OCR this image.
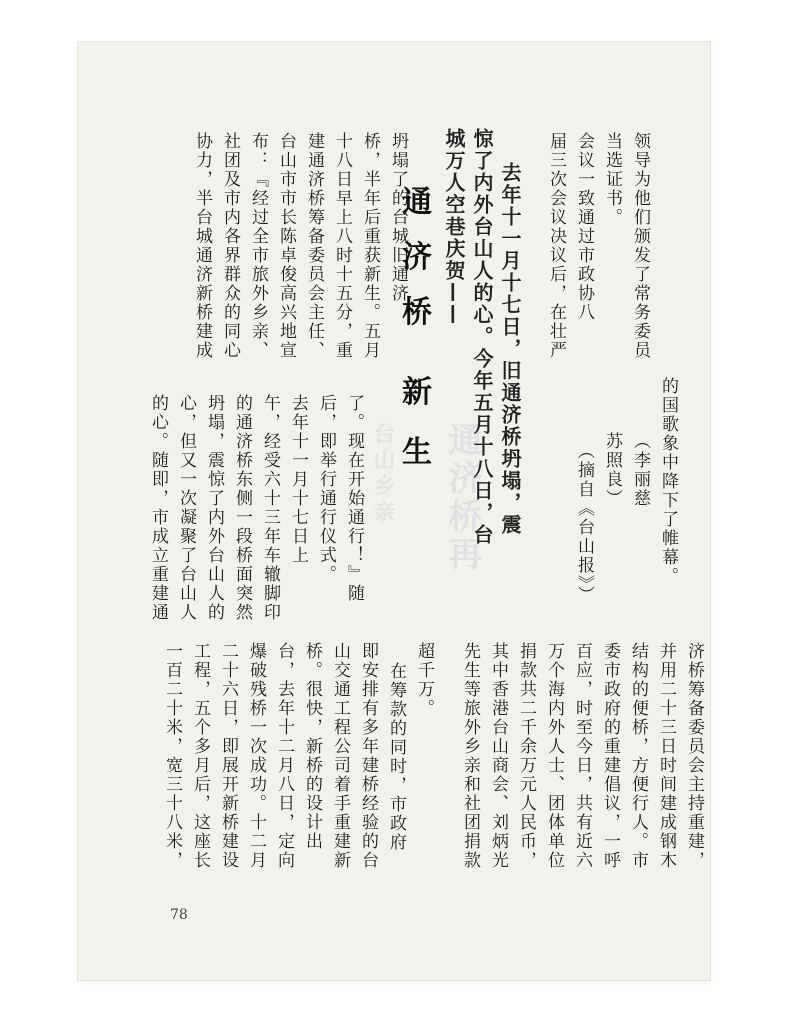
通济桥再
台山乡亲
领导为他们颁发了常务委员
当选证书。
会议一致通过市政协八
届三次会议决议后，在壮严
坍塌了的台城旧通济
桥，半年后重获新生。五月
十八日早上八时十五分，重
建通济桥筹备委员会主任、
台山市市长陈卓俊高兴地宣
布：『经过全市旅外乡亲、
社团及市内各界群众的同心
协力，半台城通济新桥建成	通
济
桥
新
生	去年十一月十七日，旧通济桥坍塌，震
惊了内外台山人的心。今年五月十八日，台
城万人空巷庆贺——
的国歌象中降下了帷幕。
（李丽慈
苏照良）
（摘自《台山报》）
了。现在开始通行！』随
后，即举行通行仪式。
去年十一月十七日上
午，经受六十三年车辙脚印
的通济桥东侧一段桥面突然
坍塌，震惊了内外台山人的
心，但又一次凝聚了台山人
的心。随即，市成立重建通
超千万。
在筹款的同时，市政府
即安排有多年建桥经验的台
山交通工程公司着手重建新
桥。很快，新桥的设计出
台，去年十二月八日，定向
爆破残桥一次成功。十二月
二十六日，即展开新桥建设
工程，五个多月后，这座长
一百二十米，宽三十八米，	济桥筹备委员会主持重建，
并用二十三日时间建成钢木
结构的便桥，方便行人。市
委市政府的重建倡议，一呼
百应，时至今日，共有近六
万个海内外人士、团体单位
捐款共二千余万元人民币，
其中香港台山商会、刘炳光
先生等旅外乡亲和社团捐款
78
